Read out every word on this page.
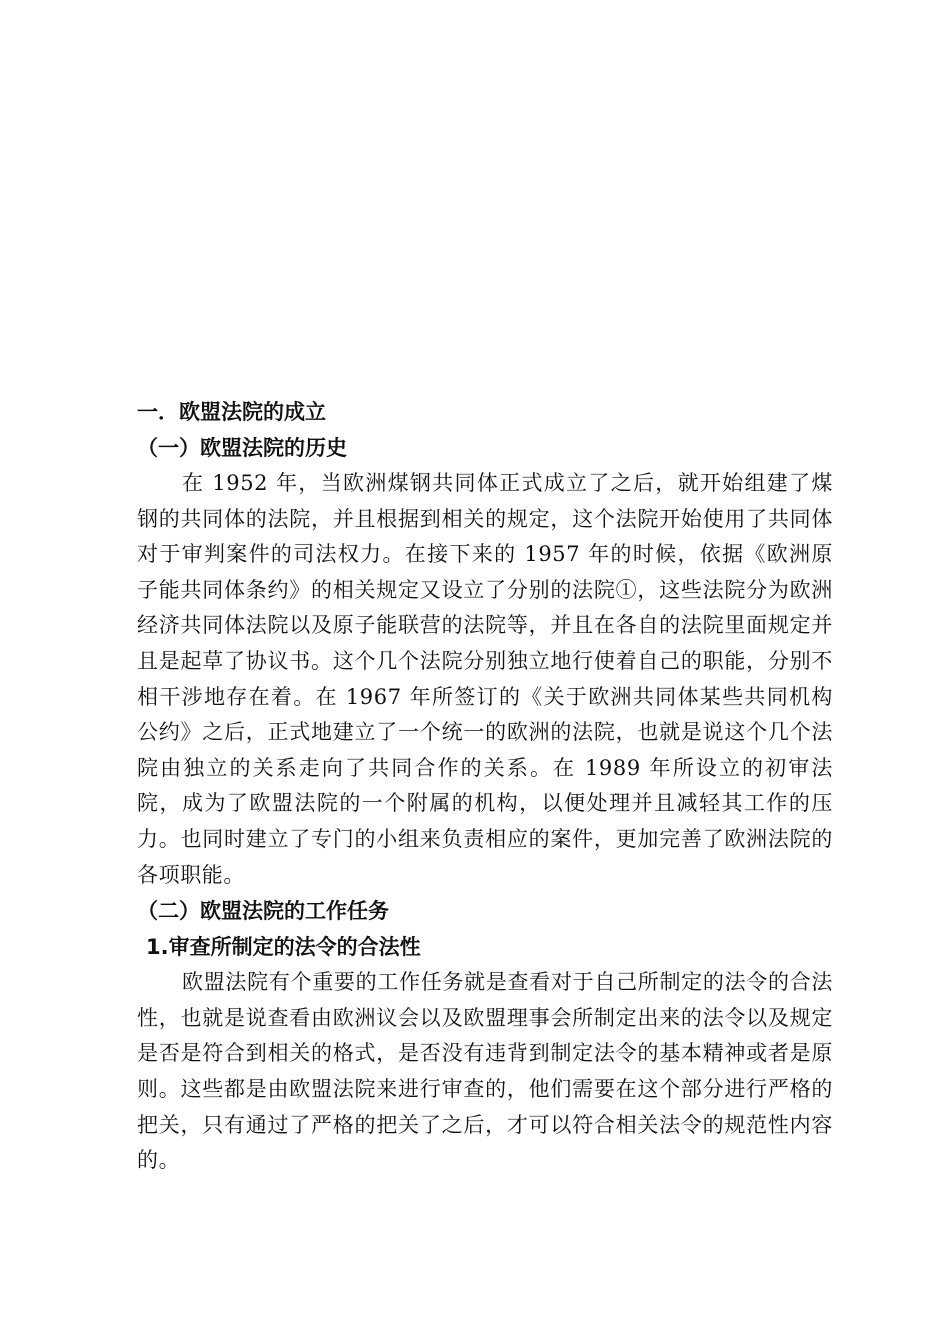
一．欧盟法院的成立
（一）欧盟法院的历史

在 1952 年，当欧洲煤钢共同体正式成立了之后，就开始组建了煤钢的共同体的法院，并且根据到相关的规定，这个法院开始使用了共同体对于审判案件的司法权力。在接下来的 1957 年的时候，依据《欧洲原子能共同体条约》的相关规定又设立了分别的法院①，这些法院分为欧洲经济共同体法院以及原子能联营的法院等，并且在各自的法院里面规定并且是起草了协议书。这个几个法院分别独立地行使着自己的职能，分别不相干涉地存在着。在 1967 年所签订的《关于欧洲共同体某些共同机构公约》之后，正式地建立了一个统一的欧洲的法院，也就是说这个几个法院由独立的关系走向了共同合作的关系。在 1989 年所设立的初审法院，成为了欧盟法院的一个附属的机构，以便处理并且减轻其工作的压力。也同时建立了专门的小组来负责相应的案件，更加完善了欧洲法院的各项职能。

（二）欧盟法院的工作任务
1.审查所制定的法令的合法性

欧盟法院有个重要的工作任务就是查看对于自己所制定的法令的合法性，也就是说查看由欧洲议会以及欧盟理事会所制定出来的法令以及规定是否是符合到相关的格式，是否没有违背到制定法令的基本精神或者是原则。这些都是由欧盟法院来进行审查的，他们需要在这个部分进行严格的把关，只有通过了严格的把关了之后，才可以符合相关法令的规范性内容的。
